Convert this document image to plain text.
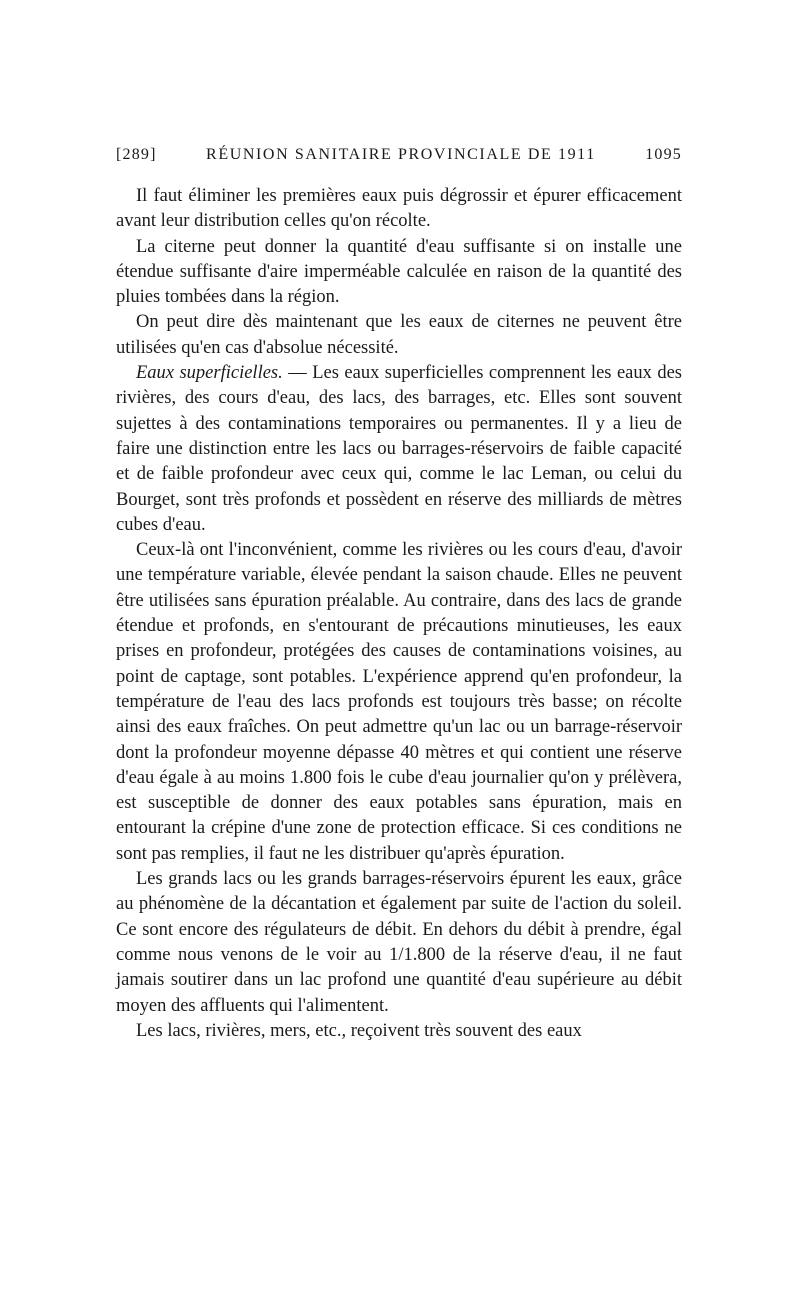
[289]	RÉUNION SANITAIRE PROVINCIALE DE 1911	1095

Il faut éliminer les premières eaux puis dégrossir et épurer efficacement avant leur distribution celles qu'on récolte.

La citerne peut donner la quantité d'eau suffisante si on installe une étendue suffisante d'aire imperméable calculée en raison de la quantité des pluies tombées dans la région.

On peut dire dès maintenant que les eaux de citernes ne peuvent être utilisées qu'en cas d'absolue nécessité.

Eaux superficielles. — Les eaux superficielles comprennent les eaux des rivières, des cours d'eau, des lacs, des barrages, etc. Elles sont souvent sujettes à des contaminations temporaires ou permanentes. Il y a lieu de faire une distinction entre les lacs ou barrages-réservoirs de faible capacité et de faible profondeur avec ceux qui, comme le lac Leman, ou celui du Bourget, sont très profonds et possèdent en réserve des milliards de mètres cubes d'eau.

Ceux-là ont l'inconvénient, comme les rivières ou les cours d'eau, d'avoir une température variable, élevée pendant la saison chaude. Elles ne peuvent être utilisées sans épuration préalable. Au contraire, dans des lacs de grande étendue et profonds, en s'entourant de précautions minutieuses, les eaux prises en profondeur, protégées des causes de contaminations voisines, au point de captage, sont potables. L'expérience apprend qu'en profondeur, la température de l'eau des lacs profonds est toujours très basse; on récolte ainsi des eaux fraîches. On peut admettre qu'un lac ou un barrage-réservoir dont la profondeur moyenne dépasse 40 mètres et qui contient une réserve d'eau égale à au moins 1.800 fois le cube d'eau journalier qu'on y prélèvera, est susceptible de donner des eaux potables sans épuration, mais en entourant la crépine d'une zone de protection efficace. Si ces conditions ne sont pas remplies, il faut ne les distribuer qu'après épuration.

Les grands lacs ou les grands barrages-réservoirs épurent les eaux, grâce au phénomène de la décantation et également par suite de l'action du soleil. Ce sont encore des régulateurs de débit. En dehors du débit à prendre, égal comme nous venons de le voir au 1/1.800 de la réserve d'eau, il ne faut jamais soutirer dans un lac profond une quantité d'eau supérieure au débit moyen des affluents qui l'alimentent.

Les lacs, rivières, mers, etc., reçoivent très souvent des eaux
